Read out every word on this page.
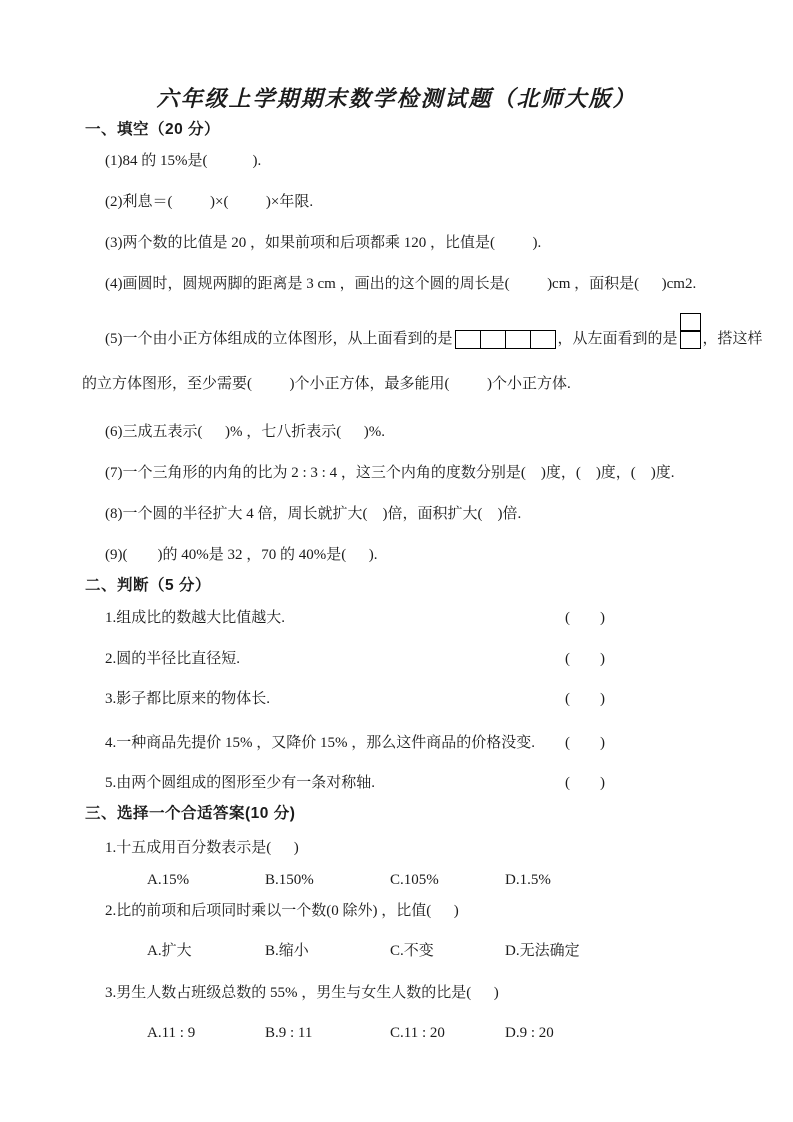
六年级上学期期末数学检测试题（北师大版）
一、填空（20 分）
(1)84 的 15%是(            ).
(2)利息＝(          )×(          )×年限.
(3)两个数的比值是 20 ，如果前项和后项都乘 120 ，比值是(          ).
(4)画圆时，圆规两脚的距离是 3 cm ，画出的这个圆的周长是(          )cm ，面积是(      )cm2.
(5)一个由小正方体组成的立体图形，从上面看到的是	，从左面看到的是 ，搭这样
的立方体图形，至少需要(          )个小正方体，最多能用(          )个小正方体.
(6)三成五表示(      )% ，七八折表示(      )%.
(7)一个三角形的内角的比为 2 : 3 : 4 ，这三个内角的度数分别是(    )度，(    )度，(    )度.
(8)一个圆的半径扩大 4 倍，周长就扩大(    )倍，面积扩大(    )倍.
(9)(        )的 40%是 32 ，70 的 40%是(      ).
二、判断（5 分）
1.组成比的数越大比值越大.	(        )
2.圆的半径比直径短.	(        )
3.影子都比原来的物体长.	(        )
4.一种商品先提价 15% ，又降价 15% ，那么这件商品的价格没变. (        )
5.由两个圆组成的图形至少有一条对称轴.	(        )
三、选择一个合适答案(10 分)
1.十五成用百分数表示是(      )
A.15%	B.150%	C.105%	D.1.5%
2.比的前项和后项同时乘以一个数(0 除外) ，比值(      )
A.扩大	B.缩小	C.不变	D.无法确定
3.男生人数占班级总数的 55% ，男生与女生人数的比是(      )
A.11 : 9	B.9 : 11	C.11 : 20	D.9 : 20
